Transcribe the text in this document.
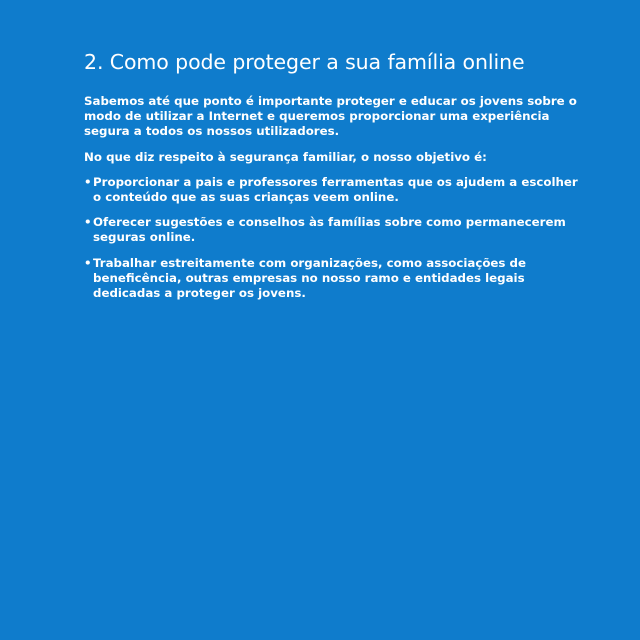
2. Como pode proteger a sua família online

Sabemos até que ponto é importante proteger e educar os jovens sobre o modo de utilizar a Internet e queremos proporcionar uma experiência segura a todos os nossos utilizadores.

No que diz respeito à segurança familiar, o nosso objetivo é:

• Proporcionar a pais e professores ferramentas que os ajudem a escolher o conteúdo que as suas crianças veem online.
• Oferecer sugestões e conselhos às famílias sobre como permanecerem seguras online.
• Trabalhar estreitamente com organizações, como associações de beneficência, outras empresas no nosso ramo e entidades legais dedicadas a proteger os jovens.
